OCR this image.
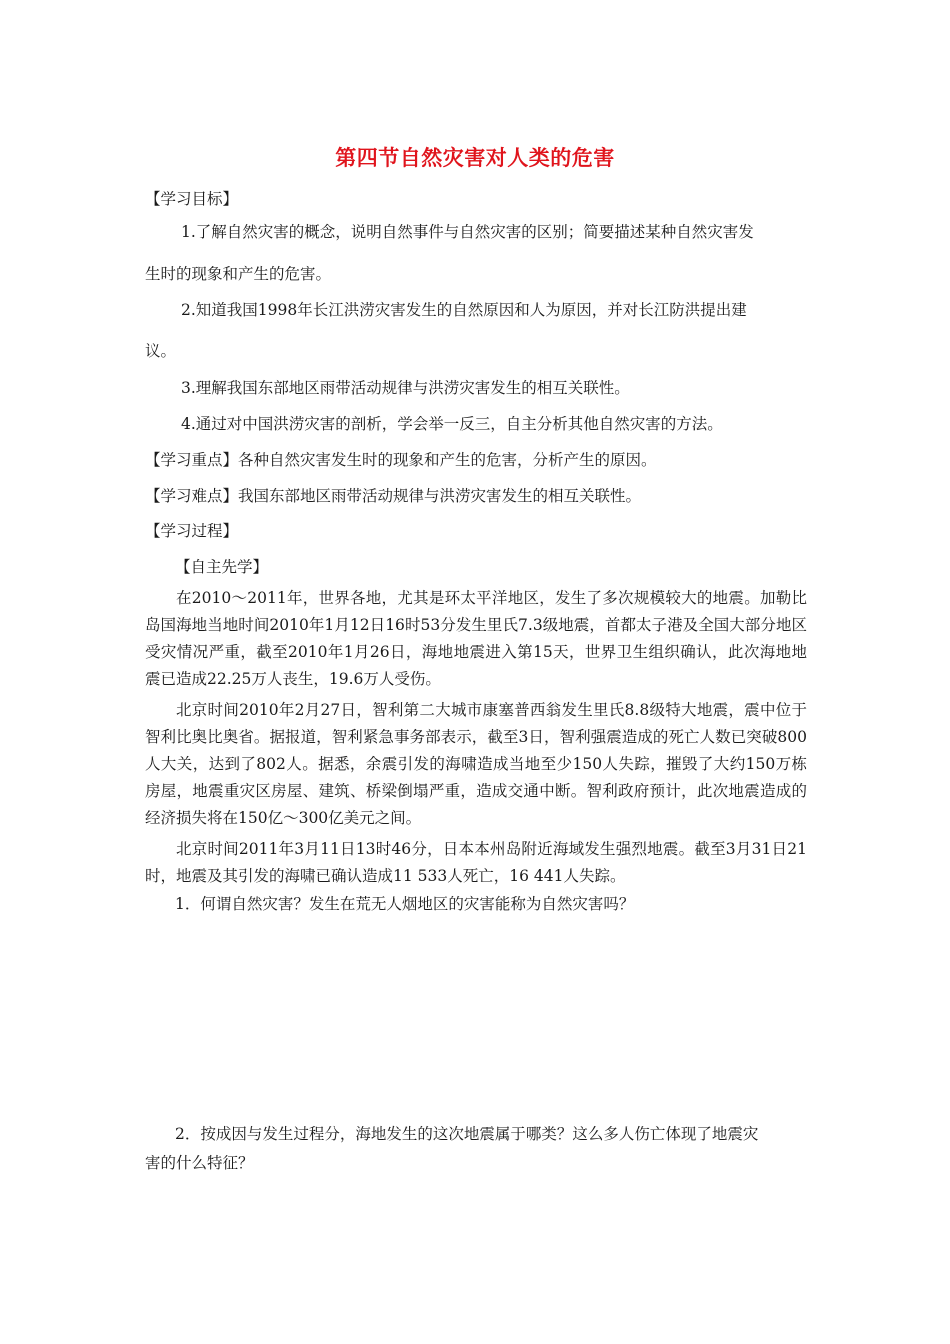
第四节自然灾害对人类的危害
【学习目标】
1.了解自然灾害的概念，说明自然事件与自然灾害的区别；简要描述某种自然灾害发
生时的现象和产生的危害。
2.知道我国1998年长江洪涝灾害发生的自然原因和人为原因，并对长江防洪提出建
议。
3.理解我国东部地区雨带活动规律与洪涝灾害发生的相互关联性。
4.通过对中国洪涝灾害的剖析，学会举一反三，自主分析其他自然灾害的方法。
【学习重点】各种自然灾害发生时的现象和产生的危害，分析产生的原因。
【学习难点】我国东部地区雨带活动规律与洪涝灾害发生的相互关联性。
【学习过程】
【自主先学】
在2010～2011年，世界各地，尤其是环太平洋地区，发生了多次规模较大的地震。加勒比岛国海地当地时间2010年1月12日16时53分发生里氏7.3级地震，首都太子港及全国大部分地区受灾情况严重，截至2010年1月26日，海地地震进入第15天，世界卫生组织确认，此次海地地震已造成22.25万人丧生，19.6万人受伤。
北京时间2010年2月27日，智利第二大城市康塞普西翁发生里氏8.8级特大地震，震中位于智利比奥比奥省。据报道，智利紧急事务部表示，截至3日，智利强震造成的死亡人数已突破800人大关，达到了802人。据悉，余震引发的海啸造成当地至少150人失踪，摧毁了大约150万栋房屋，地震重灾区房屋、建筑、桥梁倒塌严重，造成交通中断。智利政府预计，此次地震造成的经济损失将在150亿～300亿美元之间。
北京时间2011年3月11日13时46分，日本本州岛附近海域发生强烈地震。截至3月31日21时，地震及其引发的海啸已确认造成11 533人死亡，16 441人失踪。
1．何谓自然灾害？发生在荒无人烟地区的灾害能称为自然灾害吗？
2．按成因与发生过程分，海地发生的这次地震属于哪类？这么多人伤亡体现了地震灾
害的什么特征？
